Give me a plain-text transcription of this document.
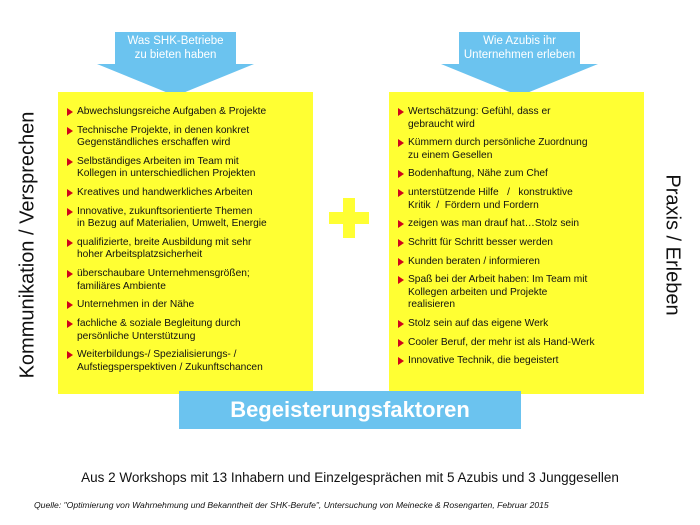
Was SHK-Betriebe
zu bieten haben
Wie Azubis ihr
Unternehmen erleben
Abwechslungsreiche Aufgaben & Projekte
Technische Projekte, in denen konkret
Gegenständliches erschaffen wird
Selbständiges Arbeiten im Team mit
Kollegen in unterschiedlichen Projekten
Kreatives und handwerkliches Arbeiten
Innovative, zukunftsorientierte Themen
in Bezug auf Materialien, Umwelt, Energie
qualifizierte, breite Ausbildung mit sehr
hoher Arbeitsplatzsicherheit
überschaubare Unternehmensgrößen;
familiäres Ambiente
Unternehmen in der Nähe
fachliche & soziale Begleitung durch
persönliche Unterstützung
Weiterbildungs-/ Spezialisierungs- /
Aufstiegsperspektiven / Zukunftschancen
Wertschätzung: Gefühl, dass er
gebraucht wird
Kümmern durch persönliche Zuordnung
zu einem Gesellen
Bodenhaftung, Nähe zum Chef
unterstützende Hilfe   /   konstruktive
Kritik  /  Fördern und Fordern
zeigen was man drauf hat…Stolz sein
Schritt für Schritt besser werden
Kunden beraten / informieren
Spaß bei der Arbeit haben: Im Team mit
Kollegen arbeiten und Projekte
realisieren
Stolz sein auf das eigene Werk
Cooler Beruf, der mehr ist als Hand-Werk
Innovative Technik, die begeistert
Kommunikation / Versprechen	Praxis / Erleben
Begeisterungsfaktoren
Aus 2 Workshops mit 13 Inhabern und Einzelgesprächen mit 5 Azubis und 3 Junggesellen
Quelle: "Optimierung von Wahrnehmung und Bekanntheit der SHK-Berufe", Untersuchung von Meinecke & Rosengarten, Februar 2015
